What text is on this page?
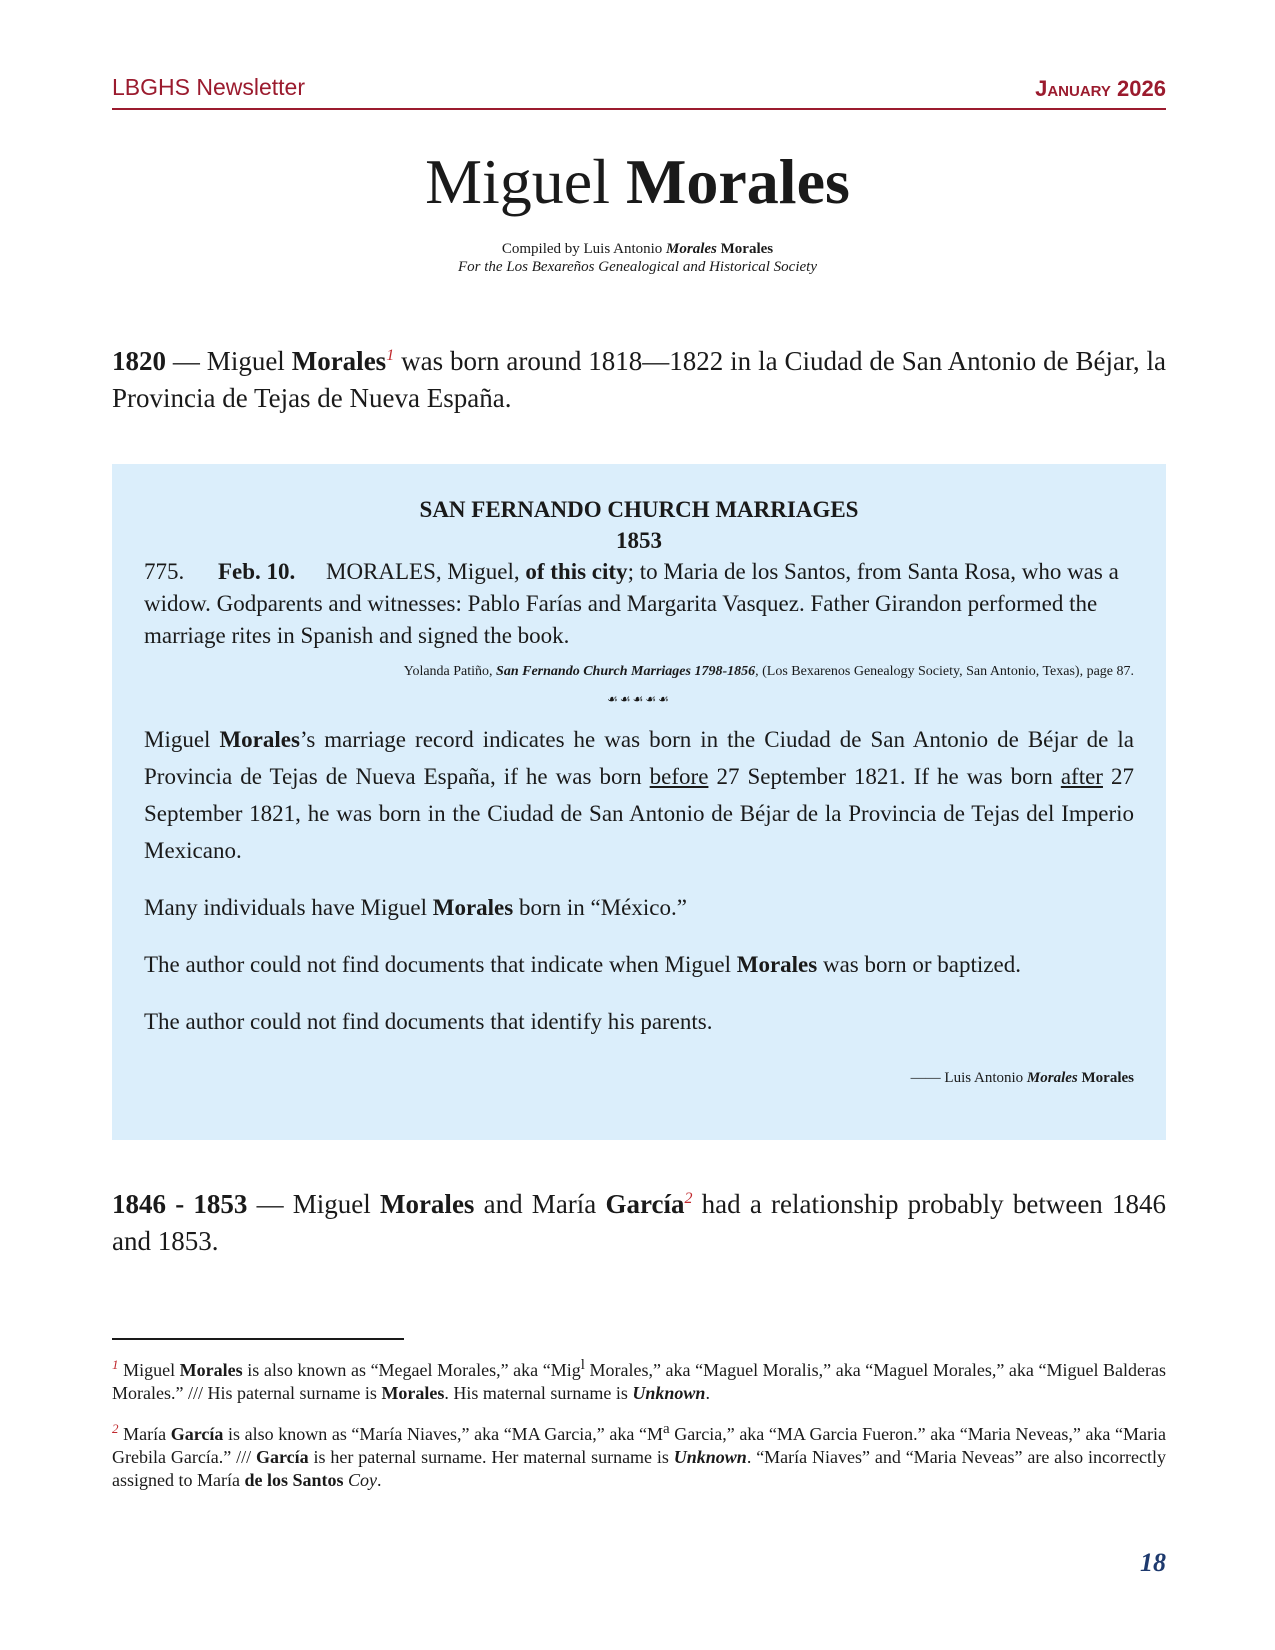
LBGHS Newsletter	January 2026
Miguel Morales
Compiled by Luis Antonio Morales Morales
For the Los Bexareños Genealogical and Historical Society
1820 — Miguel Morales$^1$ was born around 1818—1822 in la Ciudad de San Antonio de Béjar, la Provincia de Tejas de Nueva España.
SAN FERNANDO CHURCH MARRIAGES
1853
775. Feb. 10. MORALES, Miguel, of this city; to Maria de los Santos, from Santa Rosa, who was a widow. Godparents and witnesses: Pablo Farías and Margarita Vasquez. Father Girandon performed the marriage rites in Spanish and signed the book.
Yolanda Patiño, San Fernando Church Marriages 1798-1856, (Los Bexarenos Genealogy Society, San Antonio, Texas), page 87.
☙☙☙☙☙
Miguel Morales’s marriage record indicates he was born in the Ciudad de San Antonio de Béjar de la Provincia de Tejas de Nueva España, if he was born before 27 September 1821. If he was born after 27 September 1821, he was born in the Ciudad de San Antonio de Béjar de la Provincia de Tejas del Imperio Mexicano.
Many individuals have Miguel Morales born in “México.”
The author could not find documents that indicate when Miguel Morales was born or baptized.
The author could not find documents that identify his parents.
—— Luis Antonio Morales Morales
1846 - 1853 — Miguel Morales and María García$^2$ had a relationship probably between 1846 and 1853.
$^1$ Miguel Morales is also known as “Megael Morales,” aka “Mig$^l$ Morales,” aka “Maguel Moralis,” aka “Maguel Morales,” aka “Miguel Balderas Morales.” /// His paternal surname is Morales. His maternal surname is Unknown.
$^2$ María García is also known as “María Niaves,” aka “MA Garcia,” aka “$M^a$ Garcia,” aka “MA Garcia Fueron.” aka “Maria Neveas,” aka “Maria Grebila García.” /// García is her paternal surname. Her maternal surname is Unknown. “María Niaves” and “Maria Neveas” are also incorrectly assigned to María de los Santos Coy.
18
